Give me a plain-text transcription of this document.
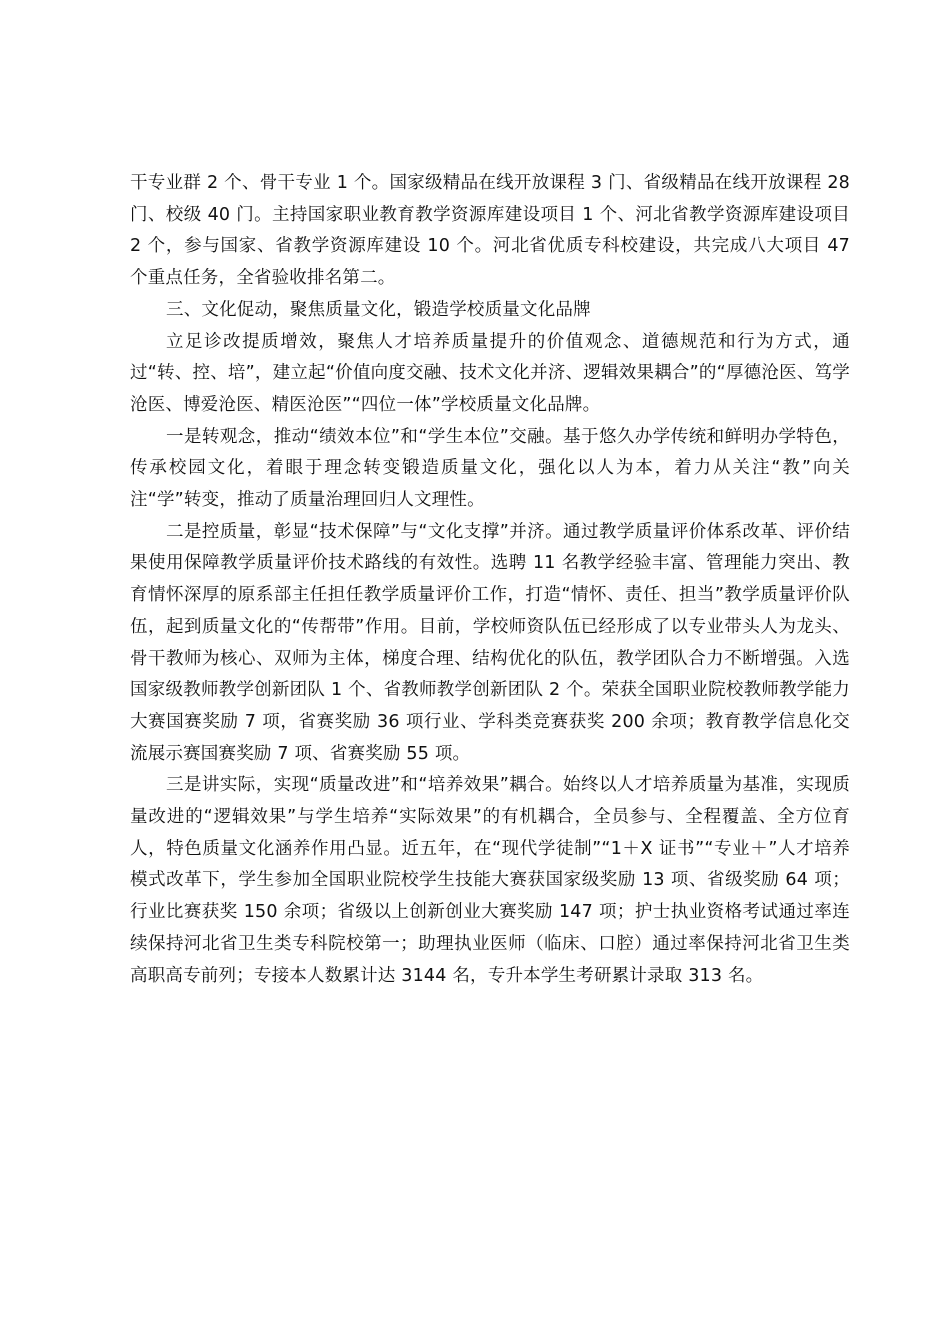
干专业群 2 个、骨干专业 1 个。国家级精品在线开放课程 3 门、省级精品在线开放课程 28 门、校级 40 门。主持国家职业教育教学资源库建设项目 1 个、河北省教学资源库建设项目 2 个，参与国家、省教学资源库建设 10 个。河北省优质专科校建设，共完成八大项目 47 个重点任务，全省验收排名第二。

三、文化促动，聚焦质量文化，锻造学校质量文化品牌

立足诊改提质增效，聚焦人才培养质量提升的价值观念、道德规范和行为方式，通过“转、控、培”，建立起“价值向度交融、技术文化并济、逻辑效果耦合”的“厚德沧医、笃学沧医、博爱沧医、精医沧医”“四位一体”学校质量文化品牌。

一是转观念，推动“绩效本位”和“学生本位”交融。基于悠久办学传统和鲜明办学特色，传承校园文化，着眼于理念转变锻造质量文化，强化以人为本，着力从关注“教”向关注“学”转变，推动了质量治理回归人文理性。

二是控质量，彰显“技术保障”与“文化支撑”并济。通过教学质量评价体系改革、评价结果使用保障教学质量评价技术路线的有效性。选聘 11 名教学经验丰富、管理能力突出、教育情怀深厚的原系部主任担任教学质量评价工作，打造“情怀、责任、担当”教学质量评价队伍，起到质量文化的“传帮带”作用。目前，学校师资队伍已经形成了以专业带头人为龙头、骨干教师为核心、双师为主体，梯度合理、结构优化的队伍，教学团队合力不断增强。入选国家级教师教学创新团队 1 个、省教师教学创新团队 2 个。荣获全国职业院校教师教学能力大赛国赛奖励 7 项，省赛奖励 36 项行业、学科类竞赛获奖 200 余项；教育教学信息化交流展示赛国赛奖励 7 项、省赛奖励 55 项。

三是讲实际，实现“质量改进”和“培养效果”耦合。始终以人才培养质量为基准，实现质量改进的“逻辑效果”与学生培养“实际效果”的有机耦合，全员参与、全程覆盖、全方位育人，特色质量文化涵养作用凸显。近五年，在“现代学徒制”“1＋X 证书”“专业＋”人才培养模式改革下，学生参加全国职业院校学生技能大赛获国家级奖励 13 项、省级奖励 64 项；行业比赛获奖 150 余项；省级以上创新创业大赛奖励 147 项；护士执业资格考试通过率连续保持河北省卫生类专科院校第一；助理执业医师（临床、口腔）通过率保持河北省卫生类高职高专前列；专接本人数累计达 3144 名，专升本学生考研累计录取 313 名。
